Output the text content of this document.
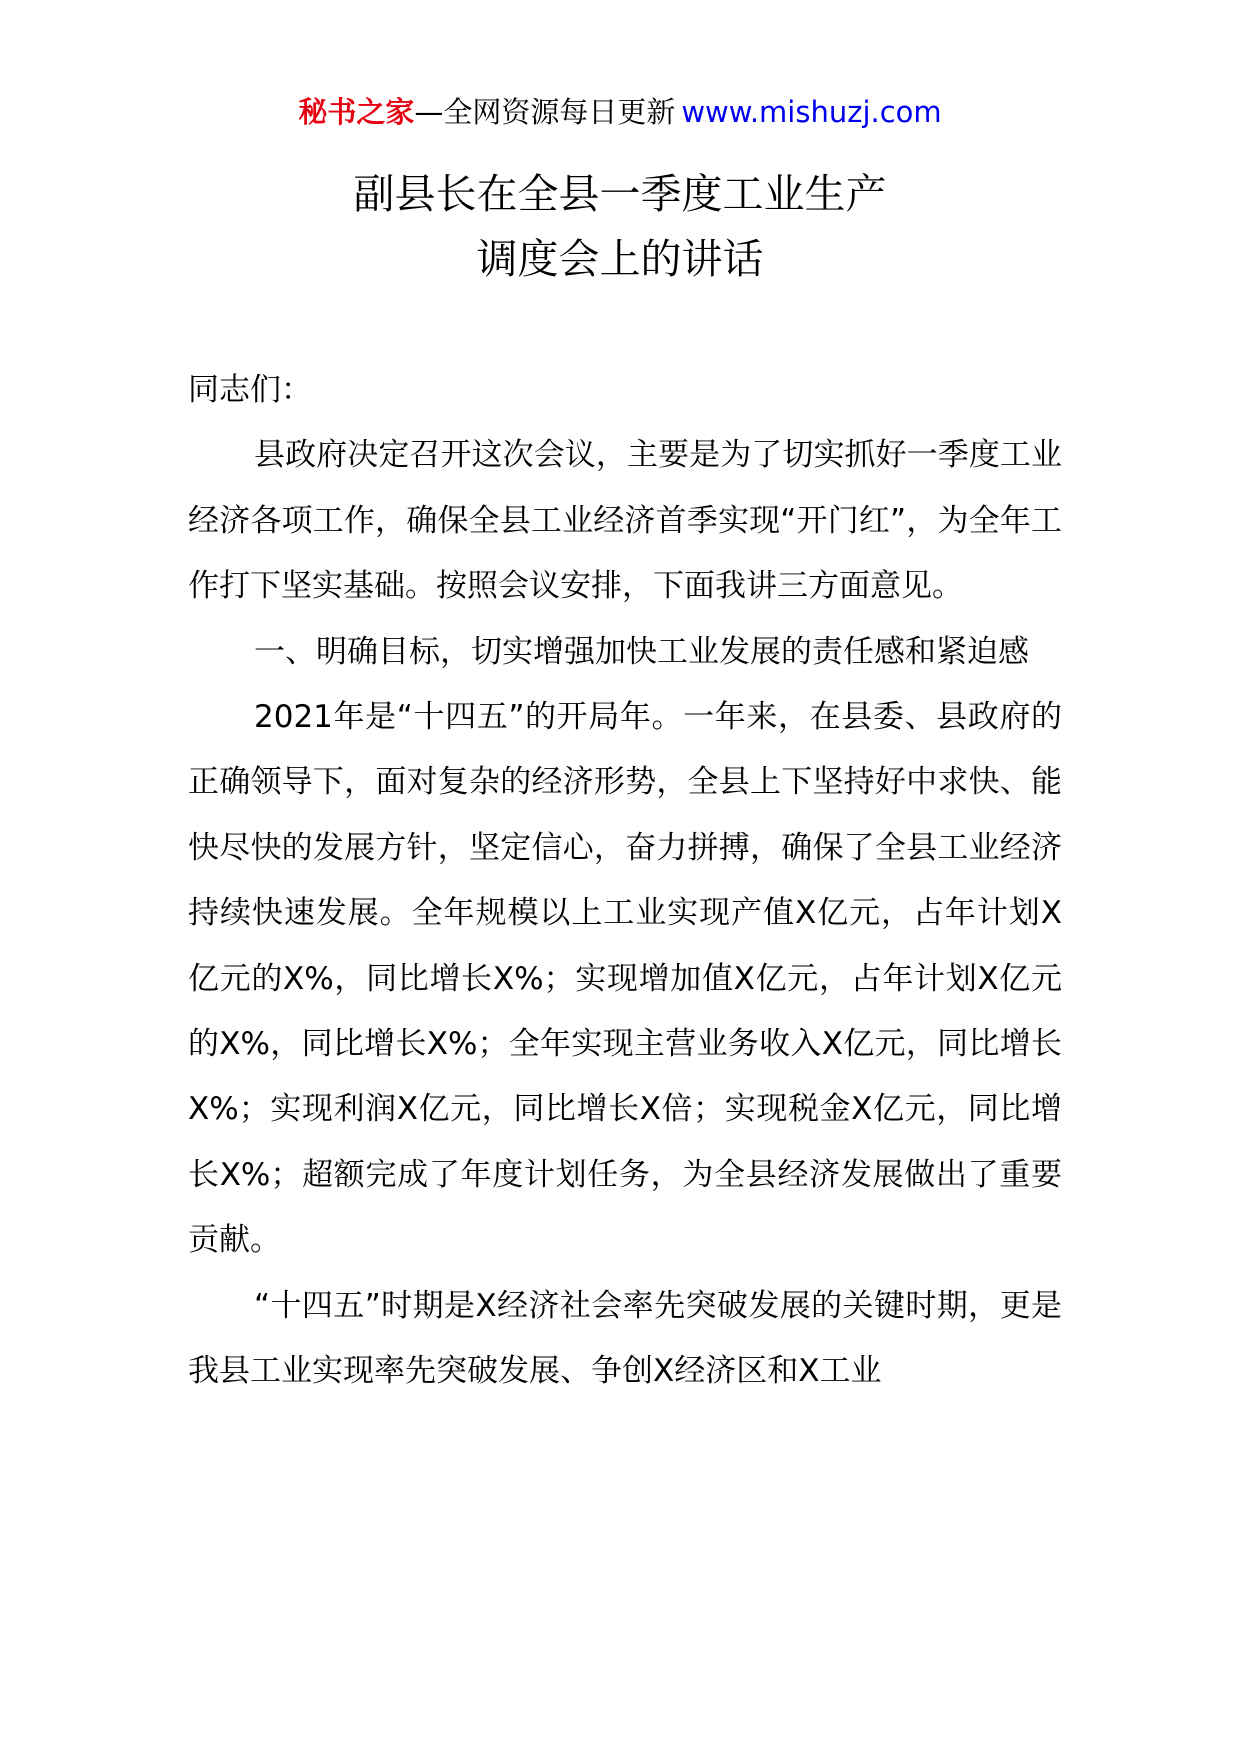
秘书之家—全网资源每日更新 www.mishuzj.com
副县长在全县一季度工业生产
调度会上的讲话

同志们：

县政府决定召开这次会议，主要是为了切实抓好一季度工业经济各项工作，确保全县工业经济首季实现“开门红”，为全年工作打下坚实基础。按照会议安排，下面我讲三方面意见。

一、明确目标，切实增强加快工业发展的责任感和紧迫感

2021年是“十四五”的开局年。一年来，在县委、县政府的正确领导下，面对复杂的经济形势，全县上下坚持好中求快、能快尽快的发展方针，坚定信心，奋力拼搏，确保了全县工业经济持续快速发展。全年规模以上工业实现产值X亿元，占年计划X亿元的X%，同比增长X%；实现增加值X亿元，占年计划X亿元的X%，同比增长X%；全年实现主营业务收入X亿元，同比增长X%；实现利润X亿元，同比增长X倍；实现税金X亿元，同比增长X%；超额完成了年度计划任务，为全县经济发展做出了重要贡献。

“十四五”时期是X经济社会率先突破发展的关键时期，更是我县工业实现率先突破发展、争创X经济区和X工业
